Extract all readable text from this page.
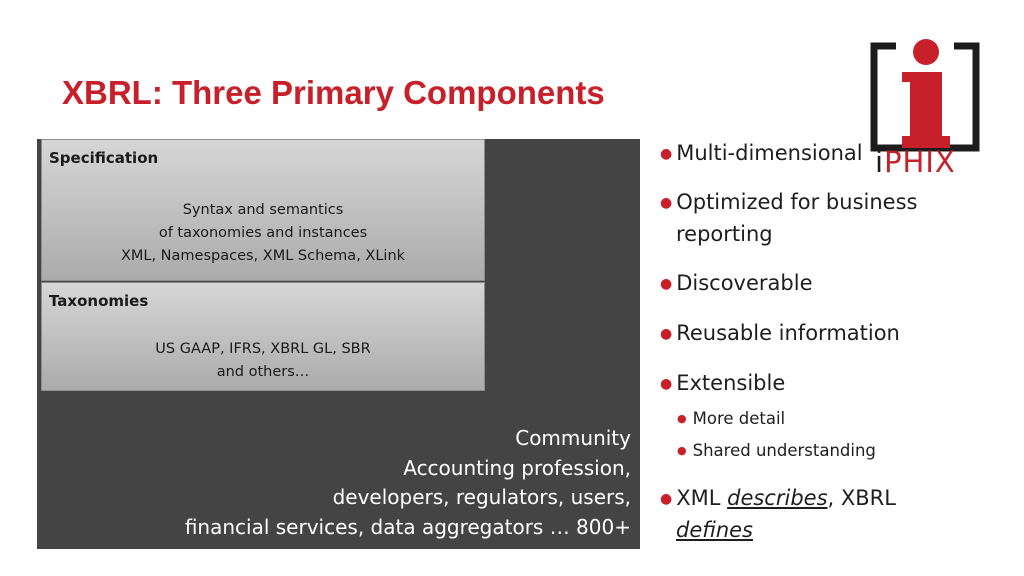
XBRL: Three Primary Components
iPHIX
Specification
Syntax and semantics
of taxonomies and instances
XML, Namespaces, XML Schema, XLink
Taxonomies
US GAAP, IFRS, XBRL GL, SBR
and others…
Community
Accounting profession,
developers, regulators, users,
financial services, data aggregators … 800+
● Multi-dimensional
● Optimized for business
reporting
● Discoverable
● Reusable information
● Extensible
● More detail
● Shared understanding
● XML describes, XBRL
defines
